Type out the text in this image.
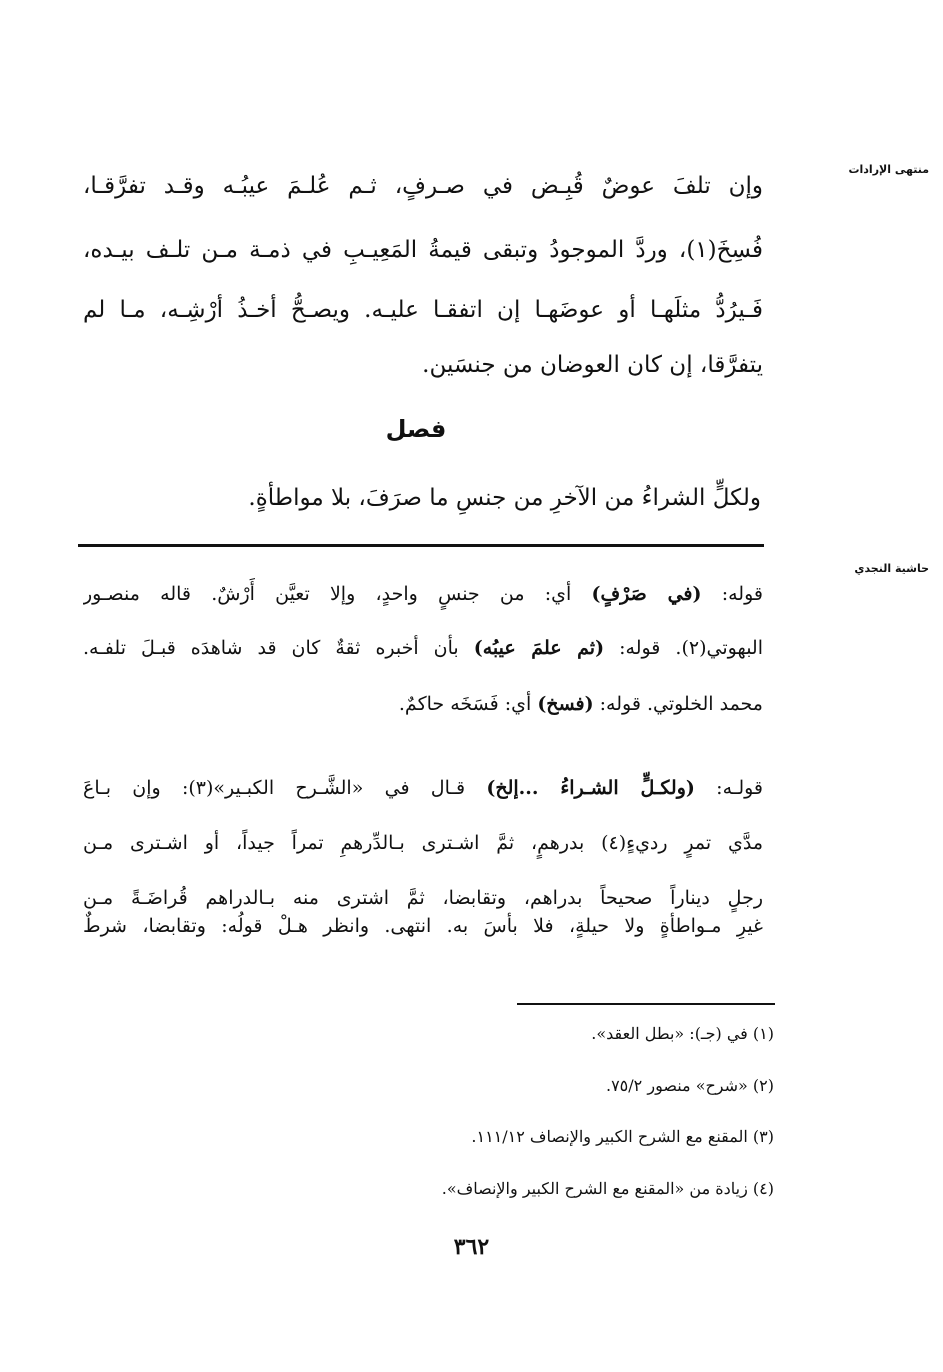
منتهى الإرادات
وإن تلفَ عوضٌ قُبِـض في صـرفٍ، ثـم عُلـمَ عيبُـه وقـد تفرَّقـا،
فُسِخَ(١)، وردَّ الموجودُ وتبقى قيمةُ المَعِيـبِ في ذمـة مـن تلـف بيـده،
فَـيرُدُّ مثلَهـا أو عوضَهـا إن اتفقـا عليـه. ويصـحُّ أخـذُ أرْشِـه، مـا لم
يتفرَّقا، إن كان العوضان من جنسَين.
فصل
ولكلٍّ الشراءُ من الآخرِ من جنسِ ما صرَفَ، بلا مواطأةٍ.
حاشية النجدي
قوله: (في صَرْفٍ) أي: من جنسٍ واحدٍ، وإلا تعيَّن أَرْشٌ. قاله منصـور
البهوتي(٢). قوله: (ثم علمَ عيبُه) بأن أخبره ثقةٌ كان قد شاهدَه قبـلَ تلفـه.
محمد الخلوتي. قوله: (فسخ) أي: فَسَخَه حاكمٌ.
قولـه: (ولكـلٍّ الشـراءُ ...إلخ) قـال في «الشَّـرح الكبـير»(٣): وإن بـاعَ
مدَّي تمرٍ رديءٍ(٤) بدرهمٍ، ثمَّ اشـترى بـالدِّرهمِ تمراً جيداً، أو اشـترى مـن
رجلٍ ديناراً صحيحاً بدراهم، وتقابضا، ثمَّ اشترى منه بـالدراهم قُراضَـةً مـن
غيرِ مـواطأةٍ ولا حيلةٍ، فلا بأسَ به. انتهى. وانظر هـلْ قولُه: وتقابضا، شرطٌ
(١) في (جـ): «بطل العقد».
(٢) «شرح» منصور ٧٥/٢.
(٣) المقنع مع الشرح الكبير والإنصاف ١١١/١٢.
(٤) زيادة من «المقنع مع الشرح الكبير والإنصاف».
٣٦٢
